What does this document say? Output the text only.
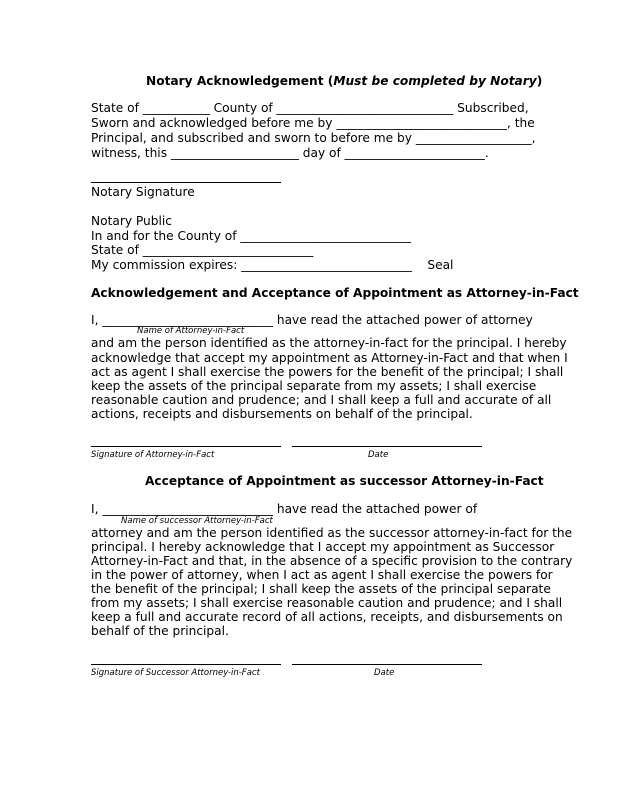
Notary Acknowledgement (Must be completed by Notary)
State of ___________ County of _____________________________ Subscribed,
Sworn and acknowledged before me by ____________________________, the
Principal, and subscribed and sworn to before me by ___________________,
witness, this _____________________ day of _______________________.
Notary Signature
Notary Public
In and for the County of ____________________________
State of ____________________________
My commission expires: ____________________________    Seal
Acknowledgement and Acceptance of Appointment as Attorney-in-Fact
I, ____________________________ have read the attached power of attorney
Name of Attorney-in-Fact
and am the person identified as the attorney-in-fact for the principal. I hereby
acknowledge that accept my appointment as Attorney-in-Fact and that when I
act as agent I shall exercise the powers for the benefit of the principal; I shall
keep the assets of the principal separate from my assets; I shall exercise
reasonable caution and prudence; and I shall keep a full and accurate of all
actions, receipts and disbursements on behalf of the principal.
Signature of Attorney-in-Fact	Date
Acceptance of Appointment as successor Attorney-in-Fact
I, ____________________________ have read the attached power of
Name of successor Attorney-in-Fact
attorney and am the person identified as the successor attorney-in-fact for the
principal. I hereby acknowledge that I accept my appointment as Successor
Attorney-in-Fact and that, in the absence of a specific provision to the contrary
in the power of attorney, when I act as agent I shall exercise the powers for
the benefit of the principal; I shall keep the assets of the principal separate
from my assets; I shall exercise reasonable caution and prudence; and I shall
keep a full and accurate record of all actions, receipts, and disbursements on
behalf of the principal.
Signature of Successor Attorney-in-Fact	Date
